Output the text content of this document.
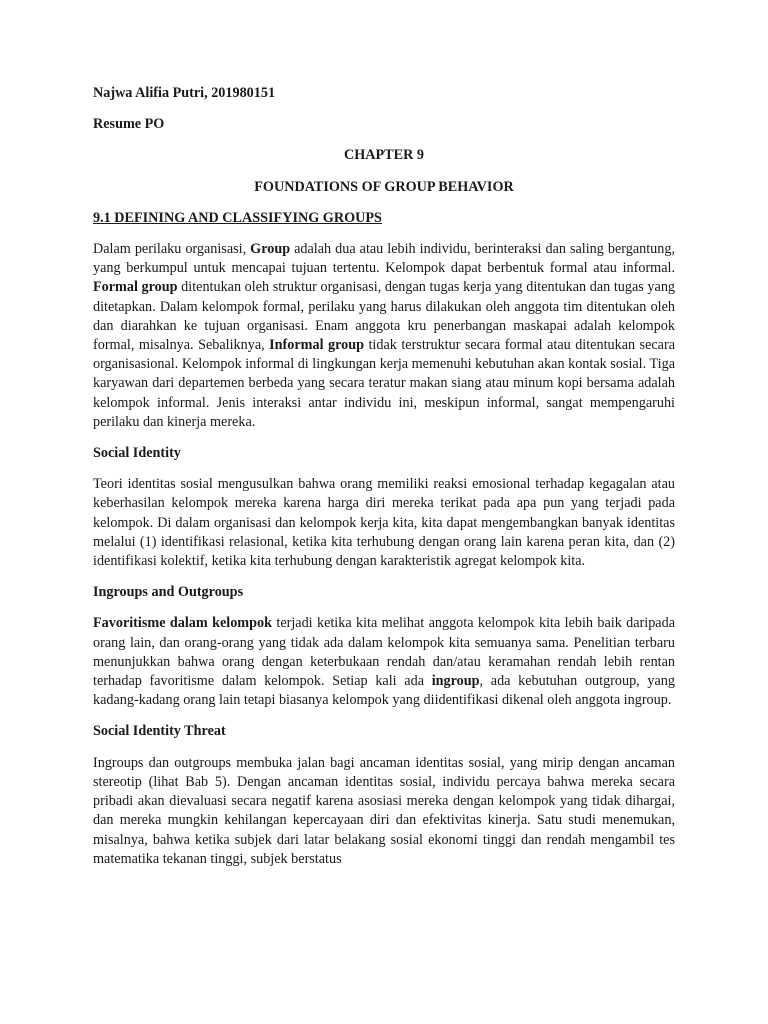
Najwa Alifia Putri, 201980151

Resume PO

CHAPTER 9

FOUNDATIONS OF GROUP BEHAVIOR

9.1 DEFINING AND CLASSIFYING GROUPS

Dalam perilaku organisasi, Group adalah dua atau lebih individu, berinteraksi dan saling bergantung, yang berkumpul untuk mencapai tujuan tertentu. Kelompok dapat berbentuk formal atau informal. Formal group ditentukan oleh struktur organisasi, dengan tugas kerja yang ditentukan dan tugas yang ditetapkan. Dalam kelompok formal, perilaku yang harus dilakukan oleh anggota tim ditentukan oleh dan diarahkan ke tujuan organisasi. Enam anggota kru penerbangan maskapai adalah kelompok formal, misalnya. Sebaliknya, Informal group tidak terstruktur secara formal atau ditentukan secara organisasional. Kelompok informal di lingkungan kerja memenuhi kebutuhan akan kontak sosial. Tiga karyawan dari departemen berbeda yang secara teratur makan siang atau minum kopi bersama adalah kelompok informal. Jenis interaksi antar individu ini, meskipun informal, sangat mempengaruhi perilaku dan kinerja mereka.

Social Identity

Teori identitas sosial mengusulkan bahwa orang memiliki reaksi emosional terhadap kegagalan atau keberhasilan kelompok mereka karena harga diri mereka terikat pada apa pun yang terjadi pada kelompok. Di dalam organisasi dan kelompok kerja kita, kita dapat mengembangkan banyak identitas melalui (1) identifikasi relasional, ketika kita terhubung dengan orang lain karena peran kita, dan (2) identifikasi kolektif, ketika kita terhubung dengan karakteristik agregat kelompok kita.

Ingroups and Outgroups

Favoritisme dalam kelompok terjadi ketika kita melihat anggota kelompok kita lebih baik daripada orang lain, dan orang-orang yang tidak ada dalam kelompok kita semuanya sama. Penelitian terbaru menunjukkan bahwa orang dengan keterbukaan rendah dan/atau keramahan rendah lebih rentan terhadap favoritisme dalam kelompok. Setiap kali ada ingroup, ada kebutuhan outgroup, yang kadang-kadang orang lain tetapi biasanya kelompok yang diidentifikasi dikenal oleh anggota ingroup.

Social Identity Threat

Ingroups dan outgroups membuka jalan bagi ancaman identitas sosial, yang mirip dengan ancaman stereotip (lihat Bab 5). Dengan ancaman identitas sosial, individu percaya bahwa mereka secara pribadi akan dievaluasi secara negatif karena asosiasi mereka dengan kelompok yang tidak dihargai, dan mereka mungkin kehilangan kepercayaan diri dan efektivitas kinerja. Satu studi menemukan, misalnya, bahwa ketika subjek dari latar belakang sosial ekonomi tinggi dan rendah mengambil tes matematika tekanan tinggi, subjek berstatus
